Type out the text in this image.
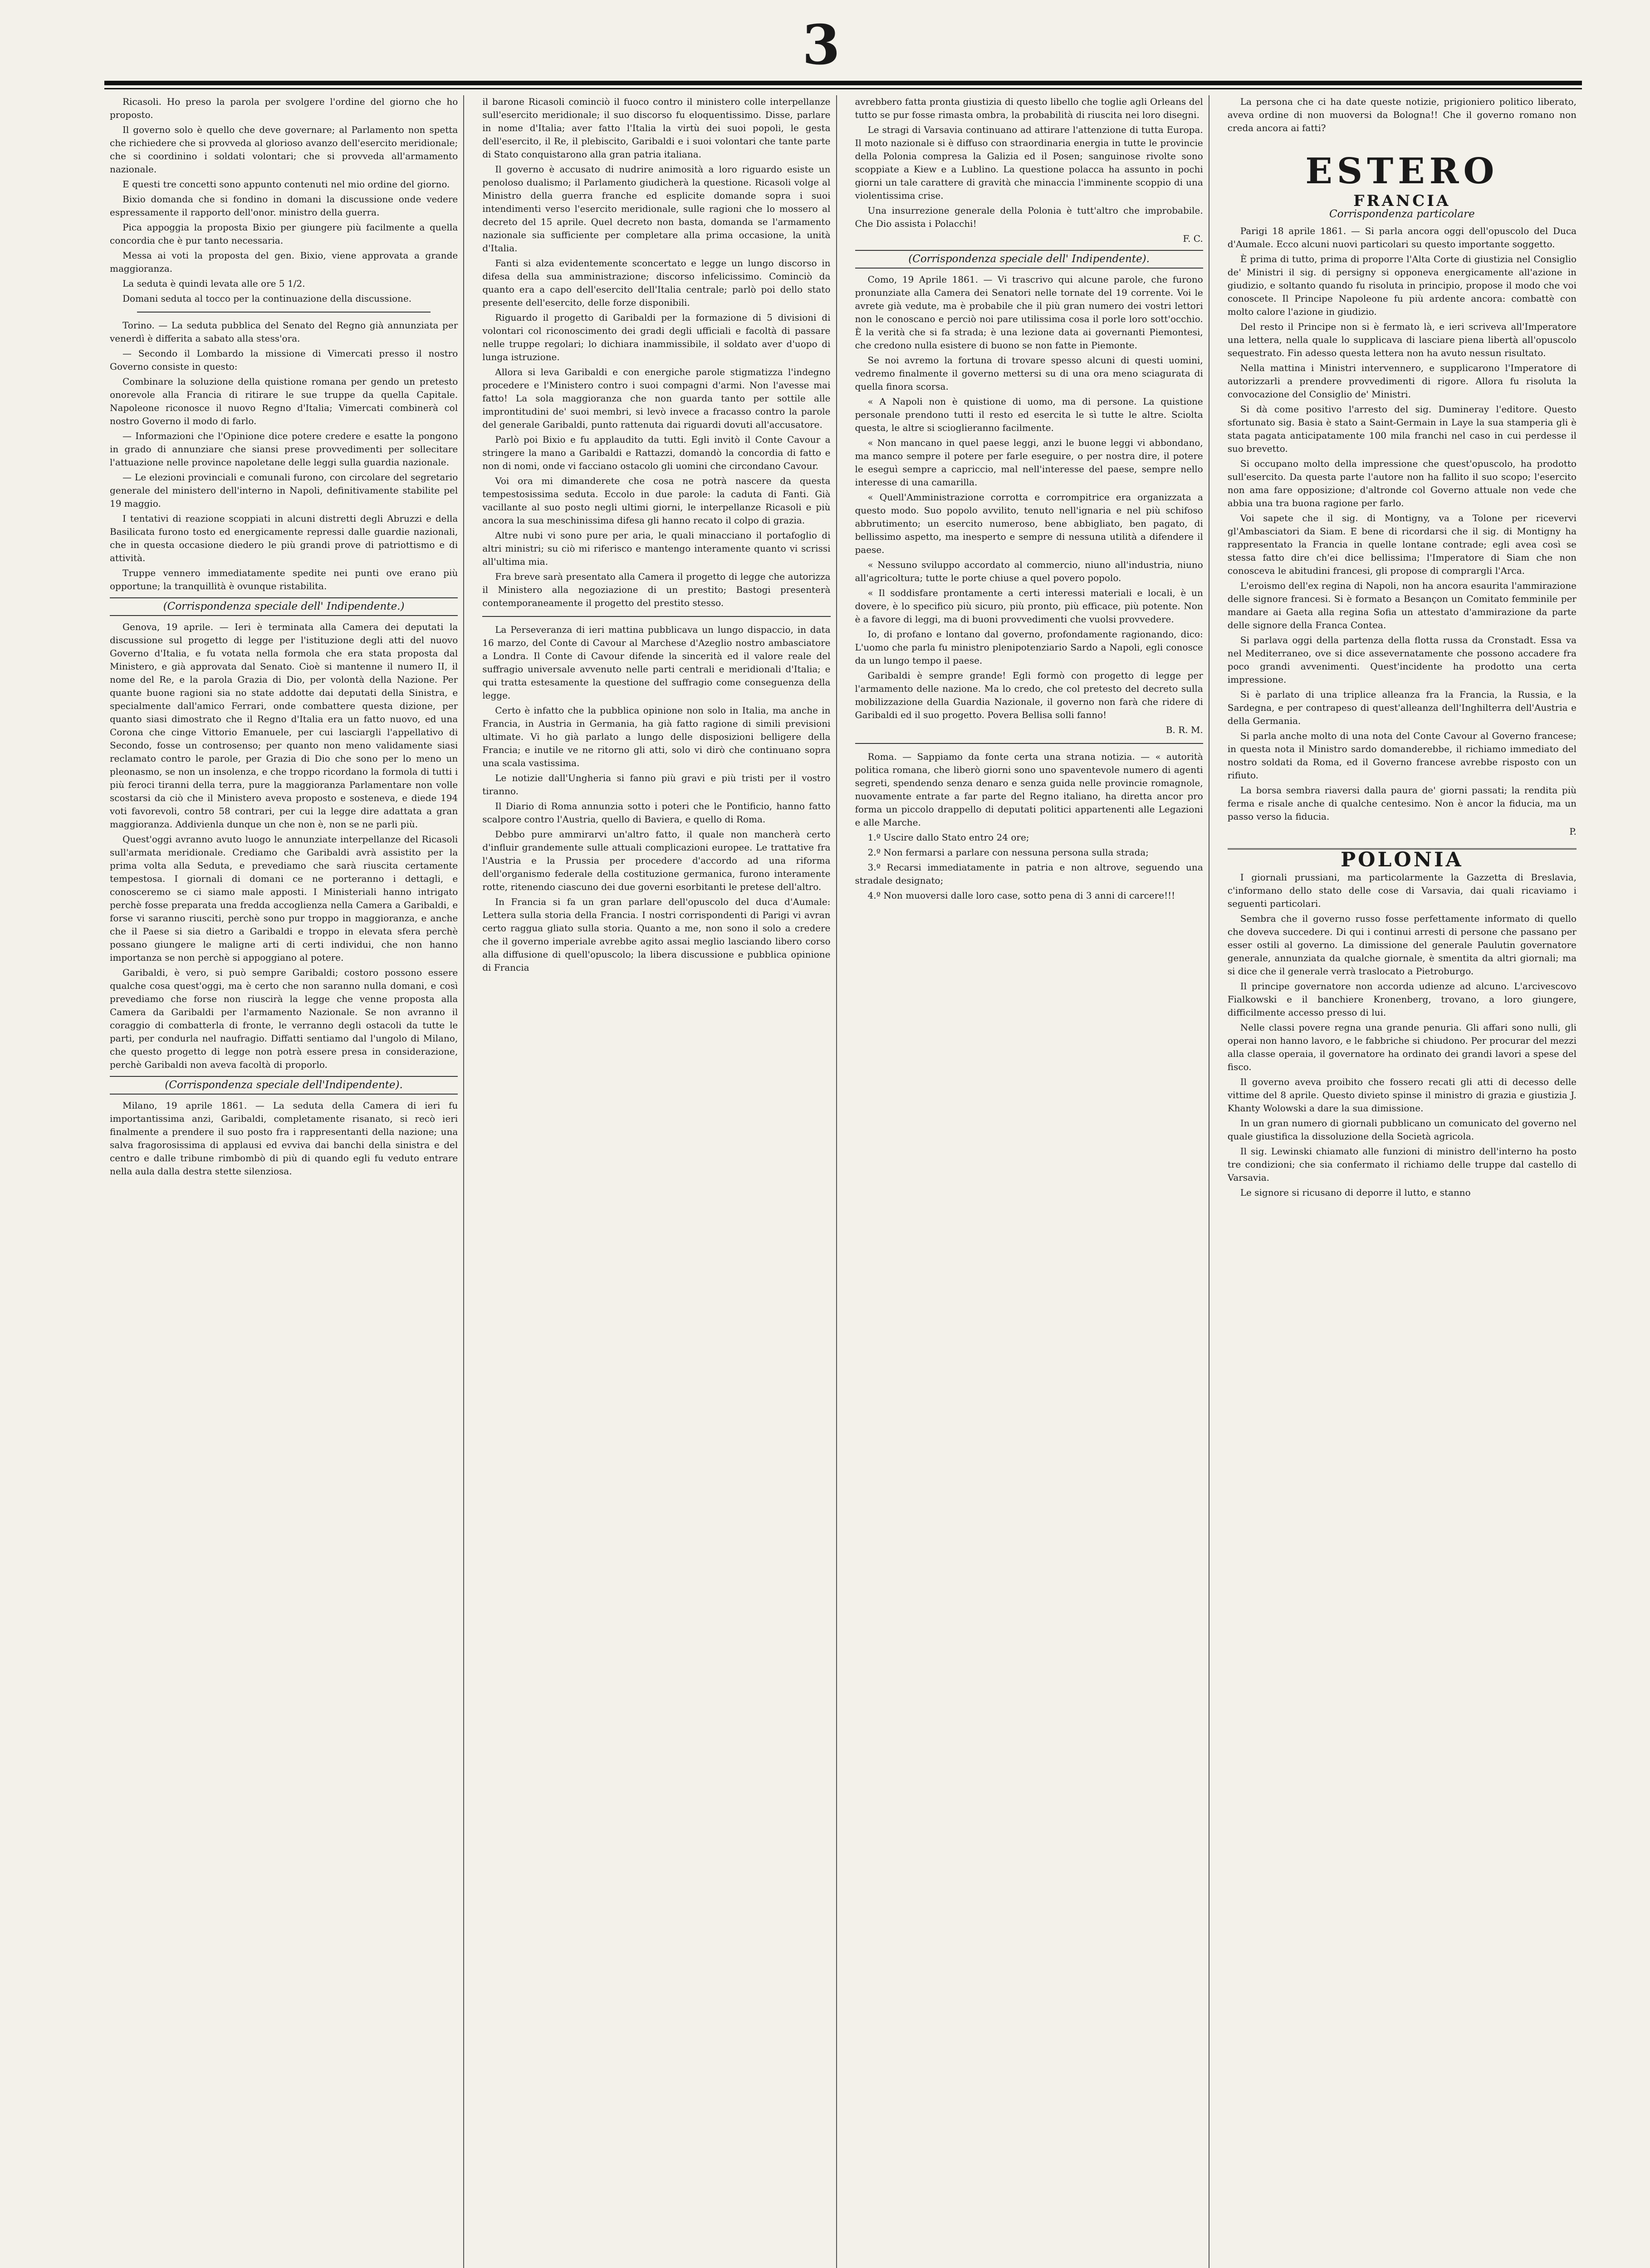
3

Ricasoli. Ho preso la parola per svolgere l'ordine del giorno che ho proposto.

Il governo solo è quello che deve governare; al Parlamento non spetta che richiedere che si provveda al glorioso avanzo dell'esercito meridionale; che si coordinino i soldati volontari; che si provveda all'armamento nazionale.

E questi tre concetti sono appunto contenuti nel mio ordine del giorno.

Bixio domanda che si fondino in domani la discussione onde vedere espressamente il rapporto dell'onor. ministro della guerra.

Pica appoggia la proposta Bixio per giungere più facilmente a quella concordia che è pur tanto necessaria.

Messa ai voti la proposta del gen. Bixio, viene approvata a grande maggioranza.

La seduta è quindi levata alle ore 5 1/2.

Domani seduta al tocco per la continuazione della discussione.

Torino. — La seduta pubblica del Senato del Regno già annunziata per venerdì è differita a sabato alla stess'ora.

— Secondo il Lombardo la missione di Vimercati presso il nostro Governo consiste in questo:

Combinare la soluzione della quistione romana per gendo un pretesto onorevole alla Francia di ritirare le sue truppe da quella Capitale. Napoleone riconosce il nuovo Regno d'Italia; Vimercati combinerà col nostro Governo il modo di farlo.

— Informazioni che l'Opinione dice potere credere e esatte la pongono in grado di annunziare che siansi prese provvedimenti per sollecitare l'attuazione nelle province napoletane delle leggi sulla guardia nazionale.

— Le elezioni provinciali e comunali furono, con circolare del segretario generale del ministero dell'interno in Napoli, definitivamente stabilite pel 19 maggio.

I tentativi di reazione scoppiati in alcuni distretti degli Abruzzi e della Basilicata furono tosto ed energicamente repressi dalle guardie nazionali, che in questa occasione diedero le più grandi prove di patriottismo e di attività.

Truppe vennero immediatamente spedite nei punti ove erano più opportune; la tranquillità è ovunque ristabilita.

(Corrispondenza speciale dell' Indipendente.)

Genova, 19 aprile. — Ieri è terminata alla Camera dei deputati la discussione sul progetto di legge per l'istituzione degli atti del nuovo Governo d'Italia, e fu votata nella formola che era stata proposta dal Ministero, e già approvata dal Senato. Cioè si mantenne il numero II, il nome del Re, e la parola Grazia di Dio, per volontà della Nazione. Per quante buone ragioni sia no state addotte dai deputati della Sinistra, e specialmente dall'amico Ferrari, onde combattere questa dizione, per quanto siasi dimostrato che il Regno d'Italia era un fatto nuovo, ed una Corona che cinge Vittorio Emanuele, per cui lasciargli l'appellativo di Secondo, fosse un controsenso; per quanto non meno validamente siasi reclamato contro le parole, per Grazia di Dio che sono per lo meno un pleonasmo, se non un insolenza, e che troppo ricordano la formola di tutti i più feroci tiranni della terra, pure la maggioranza Parlamentare non volle scostarsi da ciò che il Ministero aveva proposto e sosteneva, e diede 194 voti favorevoli, contro 58 contrari, per cui la legge dire adattata a gran maggioranza. Addivienla dunque un che non è, non se ne parli più.

Quest'oggi avranno avuto luogo le annunziate interpellanze del Ricasoli sull'armata meridionale. Crediamo che Garibaldi avrà assistito per la prima volta alla Seduta, e prevediamo che sarà riuscita certamente tempestosa. I giornali di domani ce ne porteranno i dettagli, e conosceremo se ci siamo male apposti. I Ministeriali hanno intrigato perchè fosse preparata una fredda accoglienza nella Camera a Garibaldi, e forse vi saranno riusciti, perchè sono pur troppo in maggioranza, e anche che il Paese si sia dietro a Garibaldi e troppo in elevata sfera perchè possano giungere le maligne arti di certi individui, che non hanno importanza se non perchè si appoggiano al potere.

Garibaldi, è vero, si può sempre Garibaldi; costoro possono essere qualche cosa quest'oggi, ma è certo che non saranno nulla domani, e così prevediamo che forse non riuscirà la legge che venne proposta alla Camera da Garibaldi per l'armamento Nazionale. Se non avranno il coraggio di combatterla di fronte, le verranno degli ostacoli da tutte le parti, per condurla nel naufragio. Diffatti sentiamo dal l'ungolo di Milano, che questo progetto di legge non potrà essere presa in considerazione, perchè Garibaldi non aveva facoltà di proporlo.

(Corrispondenza speciale dell'Indipendente).

Milano, 19 aprile 1861. — La seduta della Camera di ieri fu importantissima anzi, Garibaldi, completamente risanato, si recò ieri finalmente a prendere il suo posto fra i rappresentanti della nazione; una salva fragorosissima di applausi ed evviva dai banchi della sinistra e del centro e dalle tribune rimbombò di più di quando egli fu veduto entrare nella aula dalla destra stette silenziosa.

il barone Ricasoli cominciò il fuoco contro il ministero colle interpellanze sull'esercito meridionale; il suo discorso fu eloquentissimo. Disse, parlare in nome d'Italia; aver fatto l'Italia la virtù dei suoi popoli, le gesta dell'esercito, il Re, il plebiscito, Garibaldi e i suoi volontari che tante parte di Stato conquistarono alla gran patria italiana.

Il governo è accusato di nudrire animosità a loro riguardo esiste un penoloso dualismo; il Parlamento giudicherà la questione. Ricasoli volge al Ministro della guerra franche ed esplicite domande sopra i suoi intendimenti verso l'esercito meridionale, sulle ragioni che lo mossero al decreto del 15 aprile. Quel decreto non basta, domanda se l'armamento nazionale sia sufficiente per completare alla prima occasione, la unità d'Italia.

Fanti si alza evidentemente sconcertato e legge un lungo discorso in difesa della sua amministrazione; discorso infelicissimo. Cominciò da quanto era a capo dell'esercito dell'Italia centrale; parlò poi dello stato presente dell'esercito, delle forze disponibili.

Riguardo il progetto di Garibaldi per la formazione di 5 divisioni di volontari col riconoscimento dei gradi degli ufficiali e facoltà di passare nelle truppe regolari; lo dichiara inammissibile, il soldato aver d'uopo di lunga istruzione.

Allora si leva Garibaldi e con energiche parole stigmatizza l'indegno procedere e l'Ministero contro i suoi compagni d'armi. Non l'avesse mai fatto! La sola maggioranza che non guarda tanto per sottile alle improntitudini de' suoi membri, si levò invece a fracasso contro la parole del generale Garibaldi, punto rattenuta dai riguardi dovuti all'accusatore.

Parlò poi Bixio e fu applaudito da tutti. Egli invitò il Conte Cavour a stringere la mano a Garibaldi e Rattazzi, domandò la concordia di fatto e non di nomi, onde vi facciano ostacolo gli uomini che circondano Cavour.

Voi ora mi dimanderete che cosa ne potrà nascere da questa tempestosissima seduta. Eccolo in due parole: la caduta di Fanti. Già vacillante al suo posto negli ultimi giorni, le interpellanze Ricasoli e più ancora la sua meschinissima difesa gli hanno recato il colpo di grazia.

Altre nubi vi sono pure per aria, le quali minacciano il portafoglio di altri ministri; su ciò mi riferisco e mantengo interamente quanto vi scrissi all'ultima mia.

Fra breve sarà presentato alla Camera il progetto di legge che autorizza il Ministero alla negoziazione di un prestito; Bastogi presenterà contemporaneamente il progetto del prestito stesso.

La Perseveranza di ieri mattina pubblicava un lungo dispaccio, in data 16 marzo, del Conte di Cavour al Marchese d'Azeglio nostro ambasciatore a Londra. Il Conte di Cavour difende la sincerità ed il valore reale del suffragio universale avvenuto nelle parti centrali e meridionali d'Italia; e qui tratta estesamente la questione del suffragio come conseguenza della legge.

Certo è infatto che la pubblica opinione non solo in Italia, ma anche in Francia, in Austria in Germania, ha già fatto ragione di simili previsioni ultimate. Vi ho già parlato a lungo delle disposizioni belligere della Francia; e inutile ve ne ritorno gli atti, solo vi dirò che continuano sopra una scala vastissima.

Le notizie dall'Ungheria si fanno più gravi e più tristi per il vostro tiranno.

Il Diario di Roma annunzia sotto i poteri che le Pontificio, hanno fatto scalpore contro l'Austria, quello di Baviera, e quello di Roma.

Debbo pure ammirarvi un'altro fatto, il quale non mancherà certo d'influir grandemente sulle attuali complicazioni europee. Le trattative fra l'Austria e la Prussia per procedere d'accordo ad una riforma dell'organismo federale della costituzione germanica, furono interamente rotte, ritenendo ciascuno dei due governi esorbitanti le pretese dell'altro.

In Francia si fa un gran parlare dell'opuscolo del duca d'Aumale: Lettera sulla storia della Francia. I nostri corrispondenti di Parigi vi avran certo raggua gliato sulla storia. Quanto a me, non sono il solo a credere che il governo imperiale avrebbe agito assai meglio lasciando libero corso alla diffusione di quell'opuscolo; la libera discussione e pubblica opinione di Francia

avrebbero fatta pronta giustizia di questo libello che toglie agli Orleans del tutto se pur fosse rimasta ombra, la probabilità di riuscita nei loro disegni.

Le stragi di Varsavia continuano ad attirare l'attenzione di tutta Europa. Il moto nazionale si è diffuso con straordinaria energia in tutte le provincie della Polonia compresa la Galizia ed il Posen; sanguinose rivolte sono scoppiate a Kiew e a Lublino. La questione polacca ha assunto in pochi giorni un tale carattere di gravità che minaccia l'imminente scoppio di una violentissima crise.

Una insurrezione generale della Polonia è tutt'altro che improbabile. Che Dio assista i Polacchi!

F. C.

(Corrispondenza speciale dell' Indipendente).

Como, 19 Aprile 1861. — Vi trascrivo qui alcune parole, che furono pronunziate alla Camera dei Senatori nelle tornate del 19 corrente. Voi le avrete già vedute, ma è probabile che il più gran numero dei vostri lettori non le conoscano e perciò noi pare utilissima cosa il porle loro sott'occhio. È la verità che si fa strada; è una lezione data ai governanti Piemontesi, che credono nulla esistere di buono se non fatte in Piemonte.

Se noi avremo la fortuna di trovare spesso alcuni di questi uomini, vedremo finalmente il governo mettersi su di una ora meno sciagurata di quella finora scorsa.

« A Napoli non è quistione di uomo, ma di persone. La quistione personale prendono tutti il resto ed esercita le sì tutte le altre. Sciolta questa, le altre si scioglieranno facilmente.

« Non mancano in quel paese leggi, anzi le buone leggi vi abbondano, ma manco sempre il potere per farle eseguire, o per nostra dire, il potere le eseguì sempre a capriccio, mal nell'interesse del paese, sempre nello interesse di una camarilla.

« Quell'Amministrazione corrotta e corrompitrice era organizzata a questo modo. Suo popolo avvilito, tenuto nell'ignaria e nel più schifoso abbrutimento; un esercito numeroso, bene abbigliato, ben pagato, di bellissimo aspetto, ma inesperto e sempre di nessuna utilità a difendere il paese.

« Nessuno sviluppo accordato al commercio, niuno all'industria, niuno all'agricoltura; tutte le porte chiuse a quel povero popolo.

« Il soddisfare prontamente a certi interessi materiali e locali, è un dovere, è lo specifico più sicuro, più pronto, più efficace, più potente. Non è a favore di leggi, ma di buoni provvedimenti che vuolsi provvedere.

Io, di profano e lontano dal governo, profondamente ragionando, dico: L'uomo che parla fu ministro plenipotenziario Sardo a Napoli, egli conosce da un lungo tempo il paese.

Garibaldi è sempre grande! Egli formò con progetto di legge per l'armamento delle nazione. Ma lo credo, che col pretesto del decreto sulla mobilizzazione della Guardia Nazionale, il governo non farà che ridere di Garibaldi ed il suo progetto. Povera Bellisa solli fanno!

B. R. M.

Roma. — Sappiamo da fonte certa una strana notizia. — « autorità politica romana, che liberò giorni sono uno spaventevole numero di agenti segreti, spendendo senza denaro e senza guida nelle provincie romagnole, nuovamente entrate a far parte del Regno italiano, ha diretta ancor pro forma un piccolo drappello di deputati politici appartenenti alle Legazioni e alle Marche.

1.º Uscire dallo Stato entro 24 ore;

2.º Non fermarsi a parlare con nessuna persona sulla strada;

3.º Recarsi immediatamente in patria e non altrove, seguendo una stradale designato;

4.º Non muoversi dalle loro case, sotto pena di 3 anni di carcere!!!

La persona che ci ha date queste notizie, prigioniero politico liberato, aveva ordine di non muoversi da Bologna!! Che il governo romano non creda ancora ai fatti?

ESTERO
FRANCIA
Corrispondenza particolare

Parigi 18 aprile 1861. — Si parla ancora oggi dell'opuscolo del Duca d'Aumale. Ecco alcuni nuovi particolari su questo importante soggetto.

È prima di tutto, prima di proporre l'Alta Corte di giustizia nel Consiglio de' Ministri il sig. di persigny si opponeva energicamente all'azione in giudizio, e soltanto quando fu risoluta in principio, propose il modo che voi conoscete. Il Principe Napoleone fu più ardente ancora: combattè con molto calore l'azione in giudizio.

Del resto il Principe non si è fermato là, e ieri scriveva all'Imperatore una lettera, nella quale lo supplicava di lasciare piena libertà all'opuscolo sequestrato. Fin adesso questa lettera non ha avuto nessun risultato.

Nella mattina i Ministri intervennero, e supplicarono l'Imperatore di autorizzarli a prendere provvedimenti di rigore. Allora fu risoluta la convocazione del Consiglio de' Ministri.

Si dà come positivo l'arresto del sig. Dumineray l'editore. Questo sfortunato sig. Basia è stato a Saint-Germain in Laye la sua stamperia gli è stata pagata anticipatamente 100 mila franchi nel caso in cui perdesse il suo brevetto.

Si occupano molto della impressione che quest'opuscolo, ha prodotto sull'esercito. Da questa parte l'autore non ha fallito il suo scopo; l'esercito non ama fare opposizione; d'altronde col Governo attuale non vede che abbia una tra buona ragione per farlo.

Voi sapete che il sig. di Montigny, va a Tolone per ricevervi gl'Ambasciatori da Siam. E bene di ricordarsi che il sig. di Montigny ha rappresentato la Francia in quelle lontane contrade; egli avea così se stessa fatto dire ch'ei dice bellissima; l'Imperatore di Siam che non conosceva le abitudini francesi, gli propose di comprargli l'Arca.

L'eroismo dell'ex regina di Napoli, non ha ancora esaurita l'ammirazione delle signore francesi. Si è formato a Besançon un Comitato femminile per mandare ai Gaeta alla regina Sofia un attestato d'ammirazione da parte delle signore della Franca Contea.

Si parlava oggi della partenza della flotta russa da Cronstadt. Essa va nel Mediterraneo, ove si dice assevernatamente che possono accadere fra poco grandi avvenimenti. Quest'incidente ha prodotto una certa impressione.

Si è parlato di una triplice alleanza fra la Francia, la Russia, e la Sardegna, e per contrapeso di quest'alleanza dell'Inghilterra dell'Austria e della Germania.

Si parla anche molto di una nota del Conte Cavour al Governo francese; in questa nota il Ministro sardo domanderebbe, il richiamo immediato del nostro soldati da Roma, ed il Governo francese avrebbe risposto con un rifiuto.

La borsa sembra riaversi dalla paura de' giorni passati; la rendita più ferma e risale anche di qualche centesimo. Non è ancor la fiducia, ma un passo verso la fiducia.

P.

POLONIA

I giornali prussiani, ma particolarmente la Gazzetta di Breslavia, c'informano dello stato delle cose di Varsavia, dai quali ricaviamo i seguenti particolari.

Sembra che il governo russo fosse perfettamente informato di quello che doveva succedere. Di qui i continui arresti di persone che passano per esser ostili al governo. La dimissione del generale Paulutin governatore generale, annunziata da qualche giornale, è smentita da altri giornali; ma si dice che il generale verrà traslocato a Pietroburgo.

Il principe governatore non accorda udienze ad alcuno. L'arcivescovo Fialkowski e il banchiere Kronenberg, trovano, a loro giungere, difficilmente accesso presso di lui.

Nelle classi povere regna una grande penuria. Gli affari sono nulli, gli operai non hanno lavoro, e le fabbriche si chiudono. Per procurar del mezzi alla classe operaia, il governatore ha ordinato dei grandi lavori a spese del fisco.

Il governo aveva proibito che fossero recati gli atti di decesso delle vittime del 8 aprile. Questo divieto spinse il ministro di grazia e giustizia J. Khanty Wolowski a dare la sua dimissione.

In un gran numero di giornali pubblicano un comunicato del governo nel quale giustifica la dissoluzione della Società agricola.

Il sig. Lewinski chiamato alle funzioni di ministro dell'interno ha posto tre condizioni; che sia confermato il richiamo delle truppe dal castello di Varsavia.

Le signore si ricusano di deporre il lutto, e stanno
